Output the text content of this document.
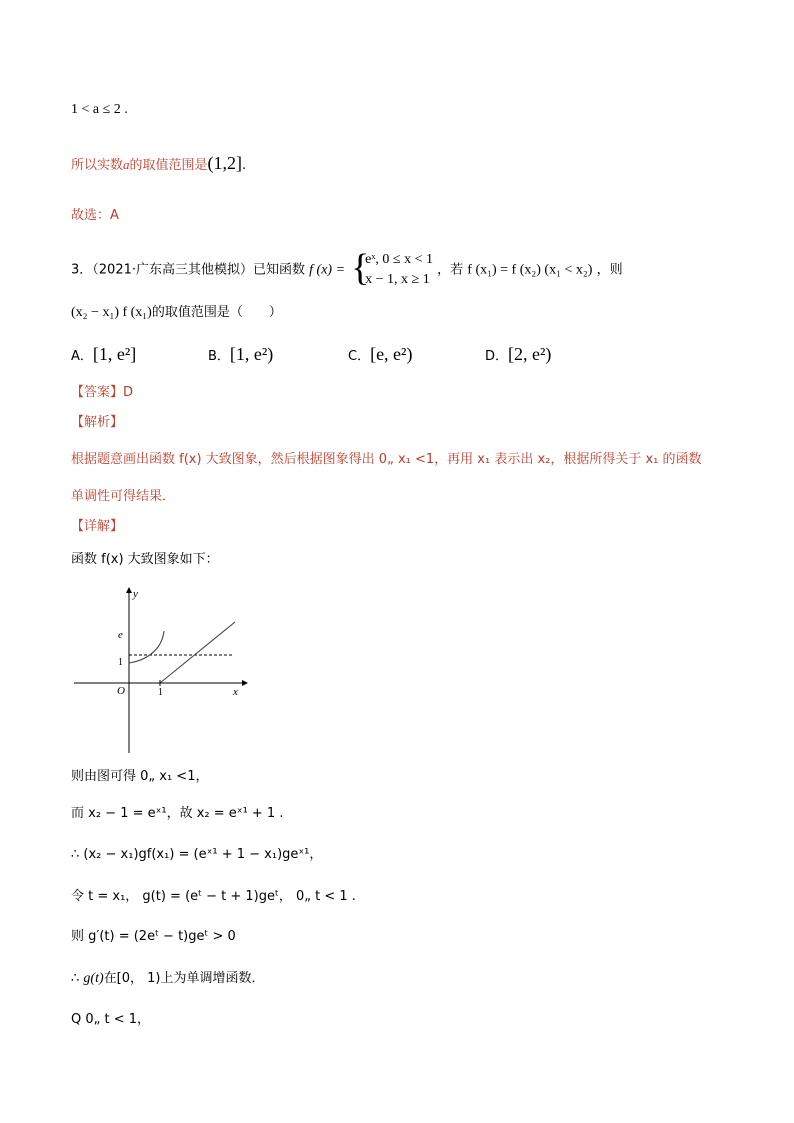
1 < a ≤ 2 .
所以实数a的取值范围是(1,2].
故选：A
3．（2021·广东高三其他模拟）已知函数 f (x) = {
eˣ, 0 ≤ x < 1
x − 1, x ≥ 1
，若 f (x₁) = f (x₂) (x₁ < x₂) ，则
(x₂ − x₁) f (x₁)的取值范围是（　　）
A．[1, e²]	B．[1, e²)	C．[e, e²)	D．[2, e²)
【答案】D
【解析】
根据题意画出函数 f(x) 大致图象，然后根据图象得出 0„ x₁ <1，再用 x₁ 表示出 x₂，根据所得关于 x₁ 的函数
单调性可得结果．
【详解】
函数 f(x) 大致图象如下：
y
x
O
e
1
1
则由图可得 0„ x₁ <1，
而 x₂ − 1 = eˣ¹，故 x₂ = eˣ¹ + 1 .
∴ (x₂ − x₁)gf(x₁) = (eˣ¹ + 1 − x₁)geˣ¹，
令 t = x₁， g(t) = (eᵗ − t + 1)geᵗ， 0„ t < 1 .
则 g′(t) = (2eᵗ − t)geᵗ > 0
∴ g(t)在[0， 1)上为单调增函数．
Q 0„ t < 1，
